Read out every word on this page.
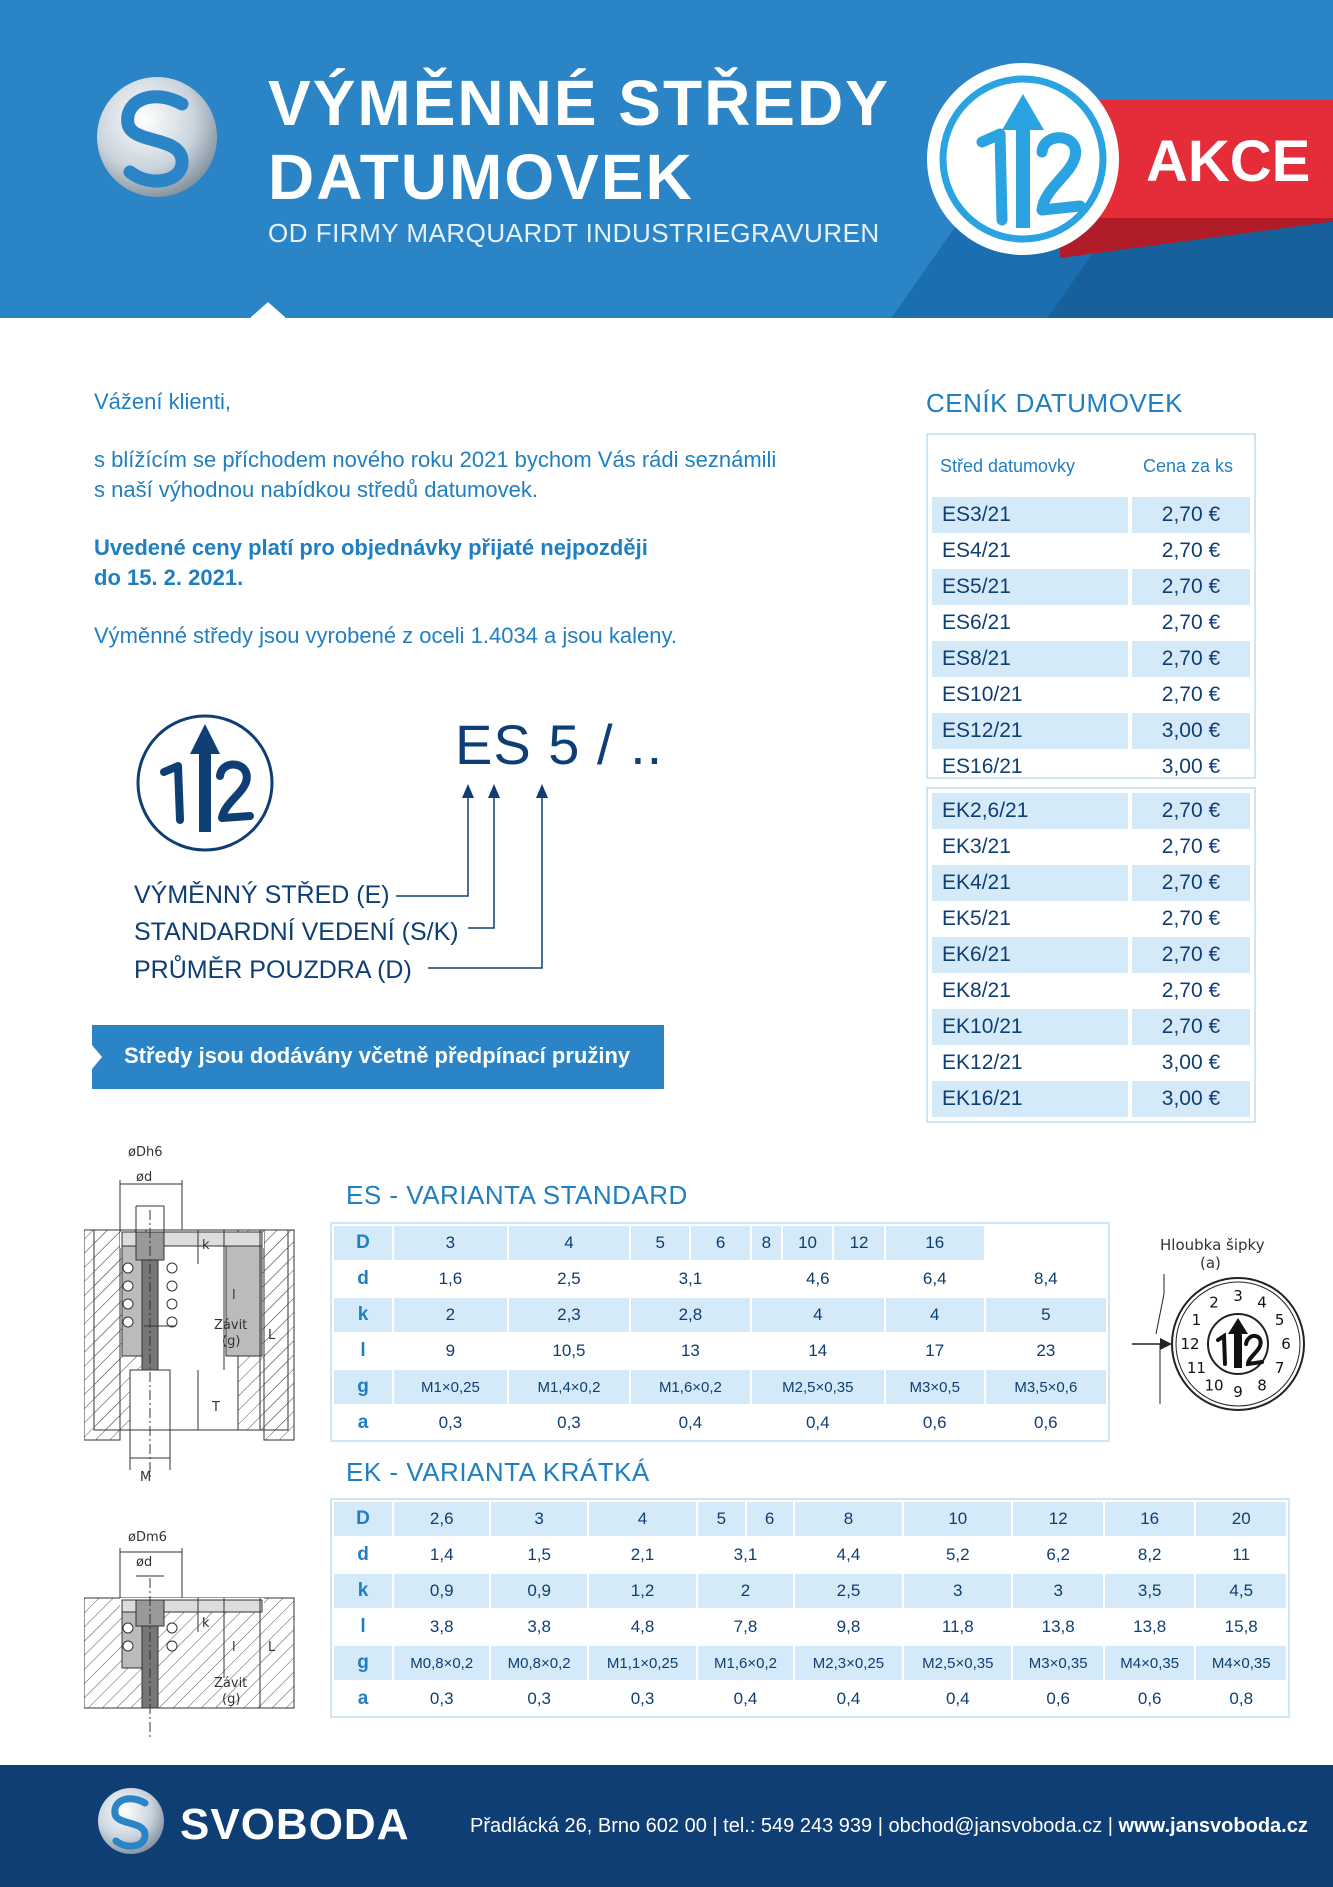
VÝMĚNNÉ STŘEDY
DATUMOVEK
OD FIRMY MARQUARDT INDUSTRIEGRAVUREN
AKCE
Vážení klienti,
s blížícím se příchodem nového roku 2021 bychom Vás rádi seznámili
s naší výhodnou nabídkou středů datumovek.
Uvedené ceny platí pro objednávky přijaté nejpozději
do 15. 2. 2021.
Výměnné středy jsou vyrobené z oceli 1.4034 a jsou kaleny.
ES 5 / ..
VÝMĚNNÝ STŘED (E)
STANDARDNÍ VEDENÍ (S/K)
PRŮMĚR POUZDRA (D)
Středy jsou dodávány včetně předpínací pružiny
CENÍK DATUMOVEK
Střed datumovky	Cena za ks
ES3/21	2,70 €
ES4/21	2,70 €
ES5/21	2,70 €
ES6/21	2,70 €
ES8/21	2,70 €
ES10/21	2,70 €
ES12/21	3,00 €
ES16/21	3,00 €
EK2,6/21	2,70 €
EK3/21	2,70 €
EK4/21	2,70 €
EK5/21	2,70 €
EK6/21	2,70 €
EK8/21	2,70 €
EK10/21	2,70 €
EK12/21	3,00 €
EK16/21	3,00 €
ES - VARIANTA STANDARD
D	3	4	5	6	8	10	12	16	
d	1,6	2,5	3,1		4,6			6,4	8,4
k	2	2,3	2,8		4			4	5
l	9	10,5	13		14			17	23
g	M1×0,25	M1,4×0,2	M1,6×0,2		M2,5×0,35			M3×0,5	M3,5×0,6
a	0,3	0,3	0,4		0,4			0,6	0,6
EK - VARIANTA KRÁTKÁ
D	2,6	3	4	5	6	8	10	12	16	20
d	1,4	1,5	2,1	3,1		4,4	5,2	6,2	8,2	11
k	0,9	0,9	1,2	2		2,5	3	3	3,5	4,5
l	3,8	3,8	4,8	7,8		9,8	11,8	13,8	13,8	15,8
g	M0,8×0,2	M0,8×0,2	M1,1×0,25	M1,6×0,2		M2,3×0,25	M2,5×0,35	M3×0,35	M4×0,35	M4×0,35
a	0,3	0,3	0,3	0,4		0,4	0,4	0,6	0,6	0,8
øDh6
ød
k
l
L
Závit
(g)
T
M
øDm6
ød
k
l L
Závit
(g)
Hloubka šipky
(a)
1
2 3 4
5
6
7
8
9
10
11
12
SVOBODA	Přadlácká 26, Brno 602 00 | tel.: 549 243 939 | obchod@jansvoboda.cz | www.jansvoboda.cz
